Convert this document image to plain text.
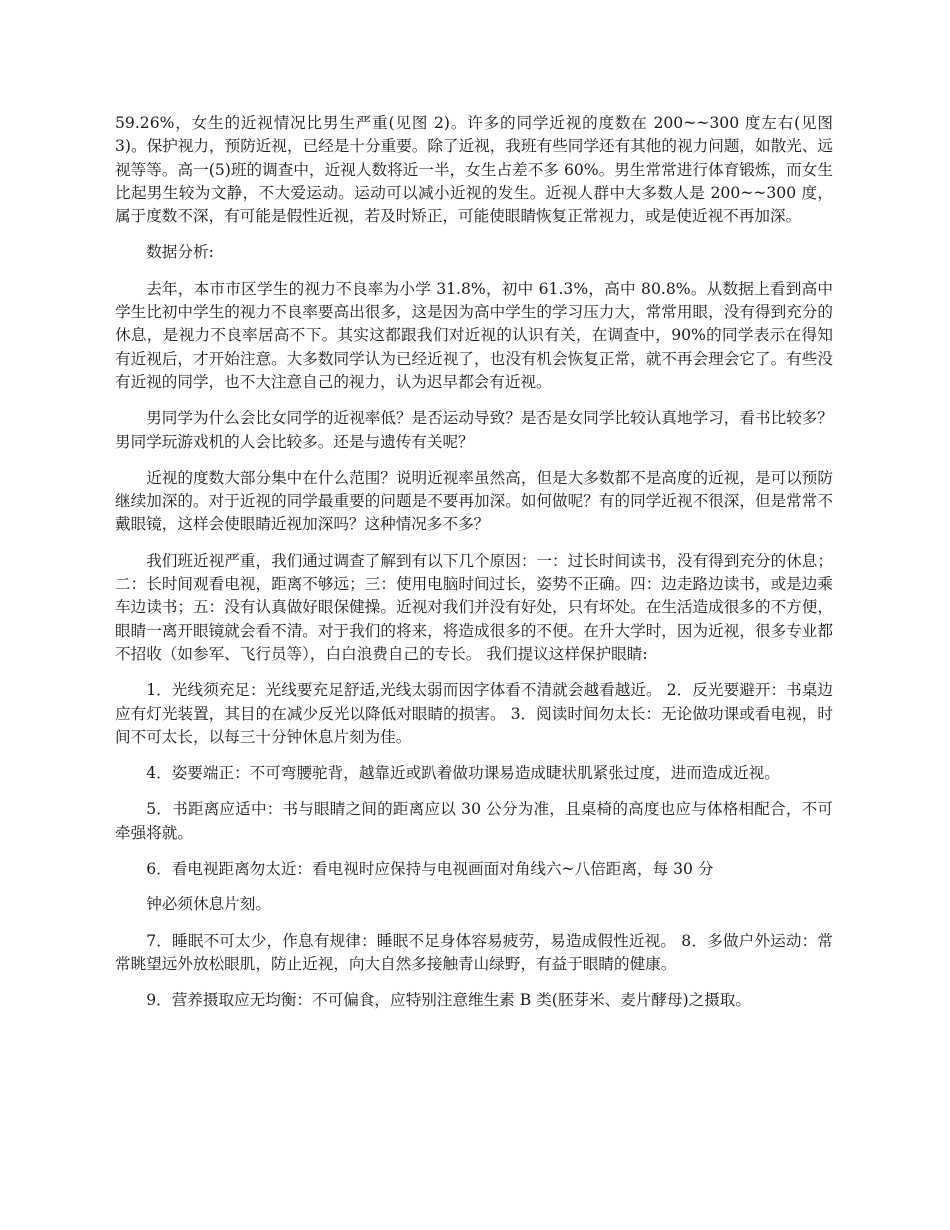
59.26%，女生的近视情况比男生严重(见图 2)。许多的同学近视的度数在 200~~300 度左右(见图 3)。保护视力，预防近视，已经是十分重要。除了近视，我班有些同学还有其他的视力问题，如散光、远视等等。高一(5)班的调查中，近视人数将近一半，女生占差不多 60%。男生常常进行体育锻炼，而女生比起男生较为文静，不大爱运动。运动可以减小近视的发生。近视人群中大多数人是 200~~300 度，属于度数不深，有可能是假性近视，若及时矫正，可能使眼睛恢复正常视力，或是使近视不再加深。

数据分析:

去年，本市市区学生的视力不良率为小学 31.8%，初中 61.3%，高中 80.8%。从数据上看到高中学生比初中学生的视力不良率要高出很多，这是因为高中学生的学习压力大，常常用眼，没有得到充分的休息，是视力不良率居高不下。其实这都跟我们对近视的认识有关，在调查中，90%的同学表示在得知有近视后，才开始注意。大多数同学认为已经近视了，也没有机会恢复正常，就不再会理会它了。有些没有近视的同学，也不大注意自己的视力，认为迟早都会有近视。

男同学为什么会比女同学的近视率低？是否运动导致？是否是女同学比较认真地学习，看书比较多？男同学玩游戏机的人会比较多。还是与遗传有关呢？

近视的度数大部分集中在什么范围？说明近视率虽然高，但是大多数都不是高度的近视，是可以预防继续加深的。对于近视的同学最重要的问题是不要再加深。如何做呢？有的同学近视不很深，但是常常不戴眼镜，这样会使眼睛近视加深吗？这种情况多不多？

我们班近视严重，我们通过调查了解到有以下几个原因：一：过长时间读书，没有得到充分的休息；二：长时间观看电视，距离不够远；三：使用电脑时间过长，姿势不正确。四：边走路边读书，或是边乘车边读书；五：没有认真做好眼保健操。近视对我们并没有好处，只有坏处。在生活造成很多的不方便，眼睛一离开眼镜就会看不清。对于我们的将来，将造成很多的不便。在升大学时，因为近视，很多专业都不招收（如参军、飞行员等），白白浪费自己的专长。 我们提议这样保护眼睛:

1．光线须充足：光线要充足舒适,光线太弱而因字体看不清就会越看越近。 2．反光要避开：书桌边应有灯光装置，其目的在减少反光以降低对眼睛的损害。 3．阅读时间勿太长：无论做功课或看电视，时间不可太长，以每三十分钟休息片刻为佳。

4．姿要端正：不可弯腰驼背，越靠近或趴着做功课易造成睫状肌紧张过度，进而造成近视。

5．书距离应适中：书与眼睛之间的距离应以 30 公分为准，且桌椅的高度也应与体格相配合，不可牵强将就。

6．看电视距离勿太近：看电视时应保持与电视画面对角线六~八倍距离，每 30 分

钟必须休息片刻。

7．睡眠不可太少，作息有规律：睡眠不足身体容易疲劳，易造成假性近视。 8．多做户外运动：常常眺望远外放松眼肌，防止近视，向大自然多接触青山绿野，有益于眼睛的健康。

9．营养摄取应无均衡：不可偏食，应特别注意维生素 B 类(胚芽米、麦片酵母)之摄取。
